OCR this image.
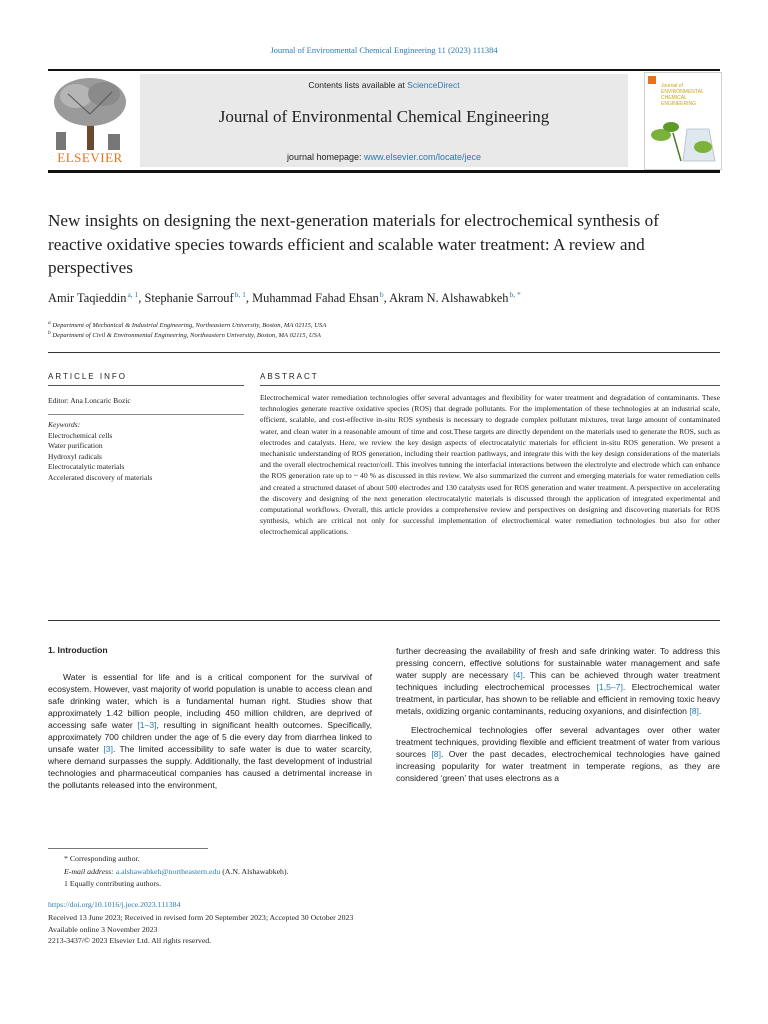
Journal of Environmental Chemical Engineering 11 (2023) 111384
ELSEVIER
Contents lists available at ScienceDirect
Journal of Environmental Chemical Engineering
journal homepage: www.elsevier.com/locate/jece
Journal of
ENVIRONMENTAL
CHEMICAL
ENGINEERING
New insights on designing the next-generation materials for electrochemical synthesis of reactive oxidative species towards efficient and scalable water treatment: A review and perspectives
Amir Taqieddin $^{a, 1}$, Stephanie Sarrouf $^{b, 1}$, Muhammad Fahad Ehsan $^b$, Akram N. Alshawabkeh $^{b, *}$
$^a$ Department of Mechanical & Industrial Engineering, Northeastern University, Boston, MA 02115, USA
$^b$ Department of Civil & Environmental Engineering, Northeastern University, Boston, MA 02115, USA
ARTICLE INFO	ABSTRACT
Editor: Ana Loncaric Bozic
Keywords:
Electrochemical cells
Water purification
Hydroxyl radicals
Electrocatalytic materials
Accelerated discovery of materials
Electrochemical water remediation technologies offer several advantages and flexibility for water treatment and degradation of contaminants. These technologies generate reactive oxidative species (ROS) that degrade pollutants. For the implementation of these technologies at an industrial scale, efficient, scalable, and cost-effective in-situ ROS synthesis is necessary to degrade complex pollutant mixtures, treat large amount of contaminated water, and clean water in a reasonable amount of time and cost.These targets are directly dependent on the materials used to generate the ROS, such as electrodes and catalysts. Here, we review the key design aspects of electrocatalytic materials for efficient in-situ ROS generation. We present a mechanistic understanding of ROS generation, including their reaction pathways, and integrate this with the key design considerations of the materials and the overall electrochemical reactor/cell. This involves tunning the interfacial interactions between the electrolyte and electrode which can enhance the ROS generation rate up to ~ 40 % as discussed in this review. We also summarized the current and emerging materials for water remediation cells and created a structured dataset of about 500 electrodes and 130 catalysts used for ROS generation and water treatment. A perspective on accelerating the discovery and designing of the next generation electrocatalytic materials is discussed through the application of integrated experimental and computational workflows. Overall, this article provides a comprehensive review and perspectives on designing and discovering materials for ROS synthesis, which are critical not only for successful implementation of electrochemical water remediation technologies but also for other electrochemical applications.
1. Introduction

Water is essential for life and is a critical component for the survival of ecosystem. However, vast majority of world population is unable to access clean and safe drinking water, which is a fundamental human right. Studies show that approximately 1.42 billion people, including 450 million children, are deprived of accessing safe water [1–3], resulting in significant health outcomes. Specifically, approximately 700 children under the age of 5 die every day from diarrhea linked to unsafe water [3]. The limited accessibility to safe water is due to water scarcity, where demand surpasses the supply. Additionally, the fast development of industrial technologies and pharmaceutical companies has caused a detrimental increase in the pollutants released into the environment,

further decreasing the availability of fresh and safe drinking water. To address this pressing concern, effective solutions for sustainable water management and safe water supply are necessary [4]. This can be achieved through water treatment techniques including electrochemical processes [1,5–7]. Electrochemical water treatment, in particular, has shown to be reliable and efficient in removing toxic heavy metals, oxidizing organic contaminants, reducing oxyanions, and disinfection [8].

Electrochemical technologies offer several advantages over other water treatment techniques, providing flexible and efficient treatment of water from various sources [8]. Over the past decades, electrochemical technologies have gained increasing popularity for water treatment in temperate regions, as they are considered ‘green’ that uses electrons as a

* Corresponding author.
E-mail address: a.alshawabkeh@northeastern.edu (A.N. Alshawabkeh).
1 Equally contributing authors.
https://doi.org/10.1016/j.jece.2023.111384
Received 13 June 2023; Received in revised form 20 September 2023; Accepted 30 October 2023
Available online 3 November 2023
2213-3437/© 2023 Elsevier Ltd. All rights reserved.
